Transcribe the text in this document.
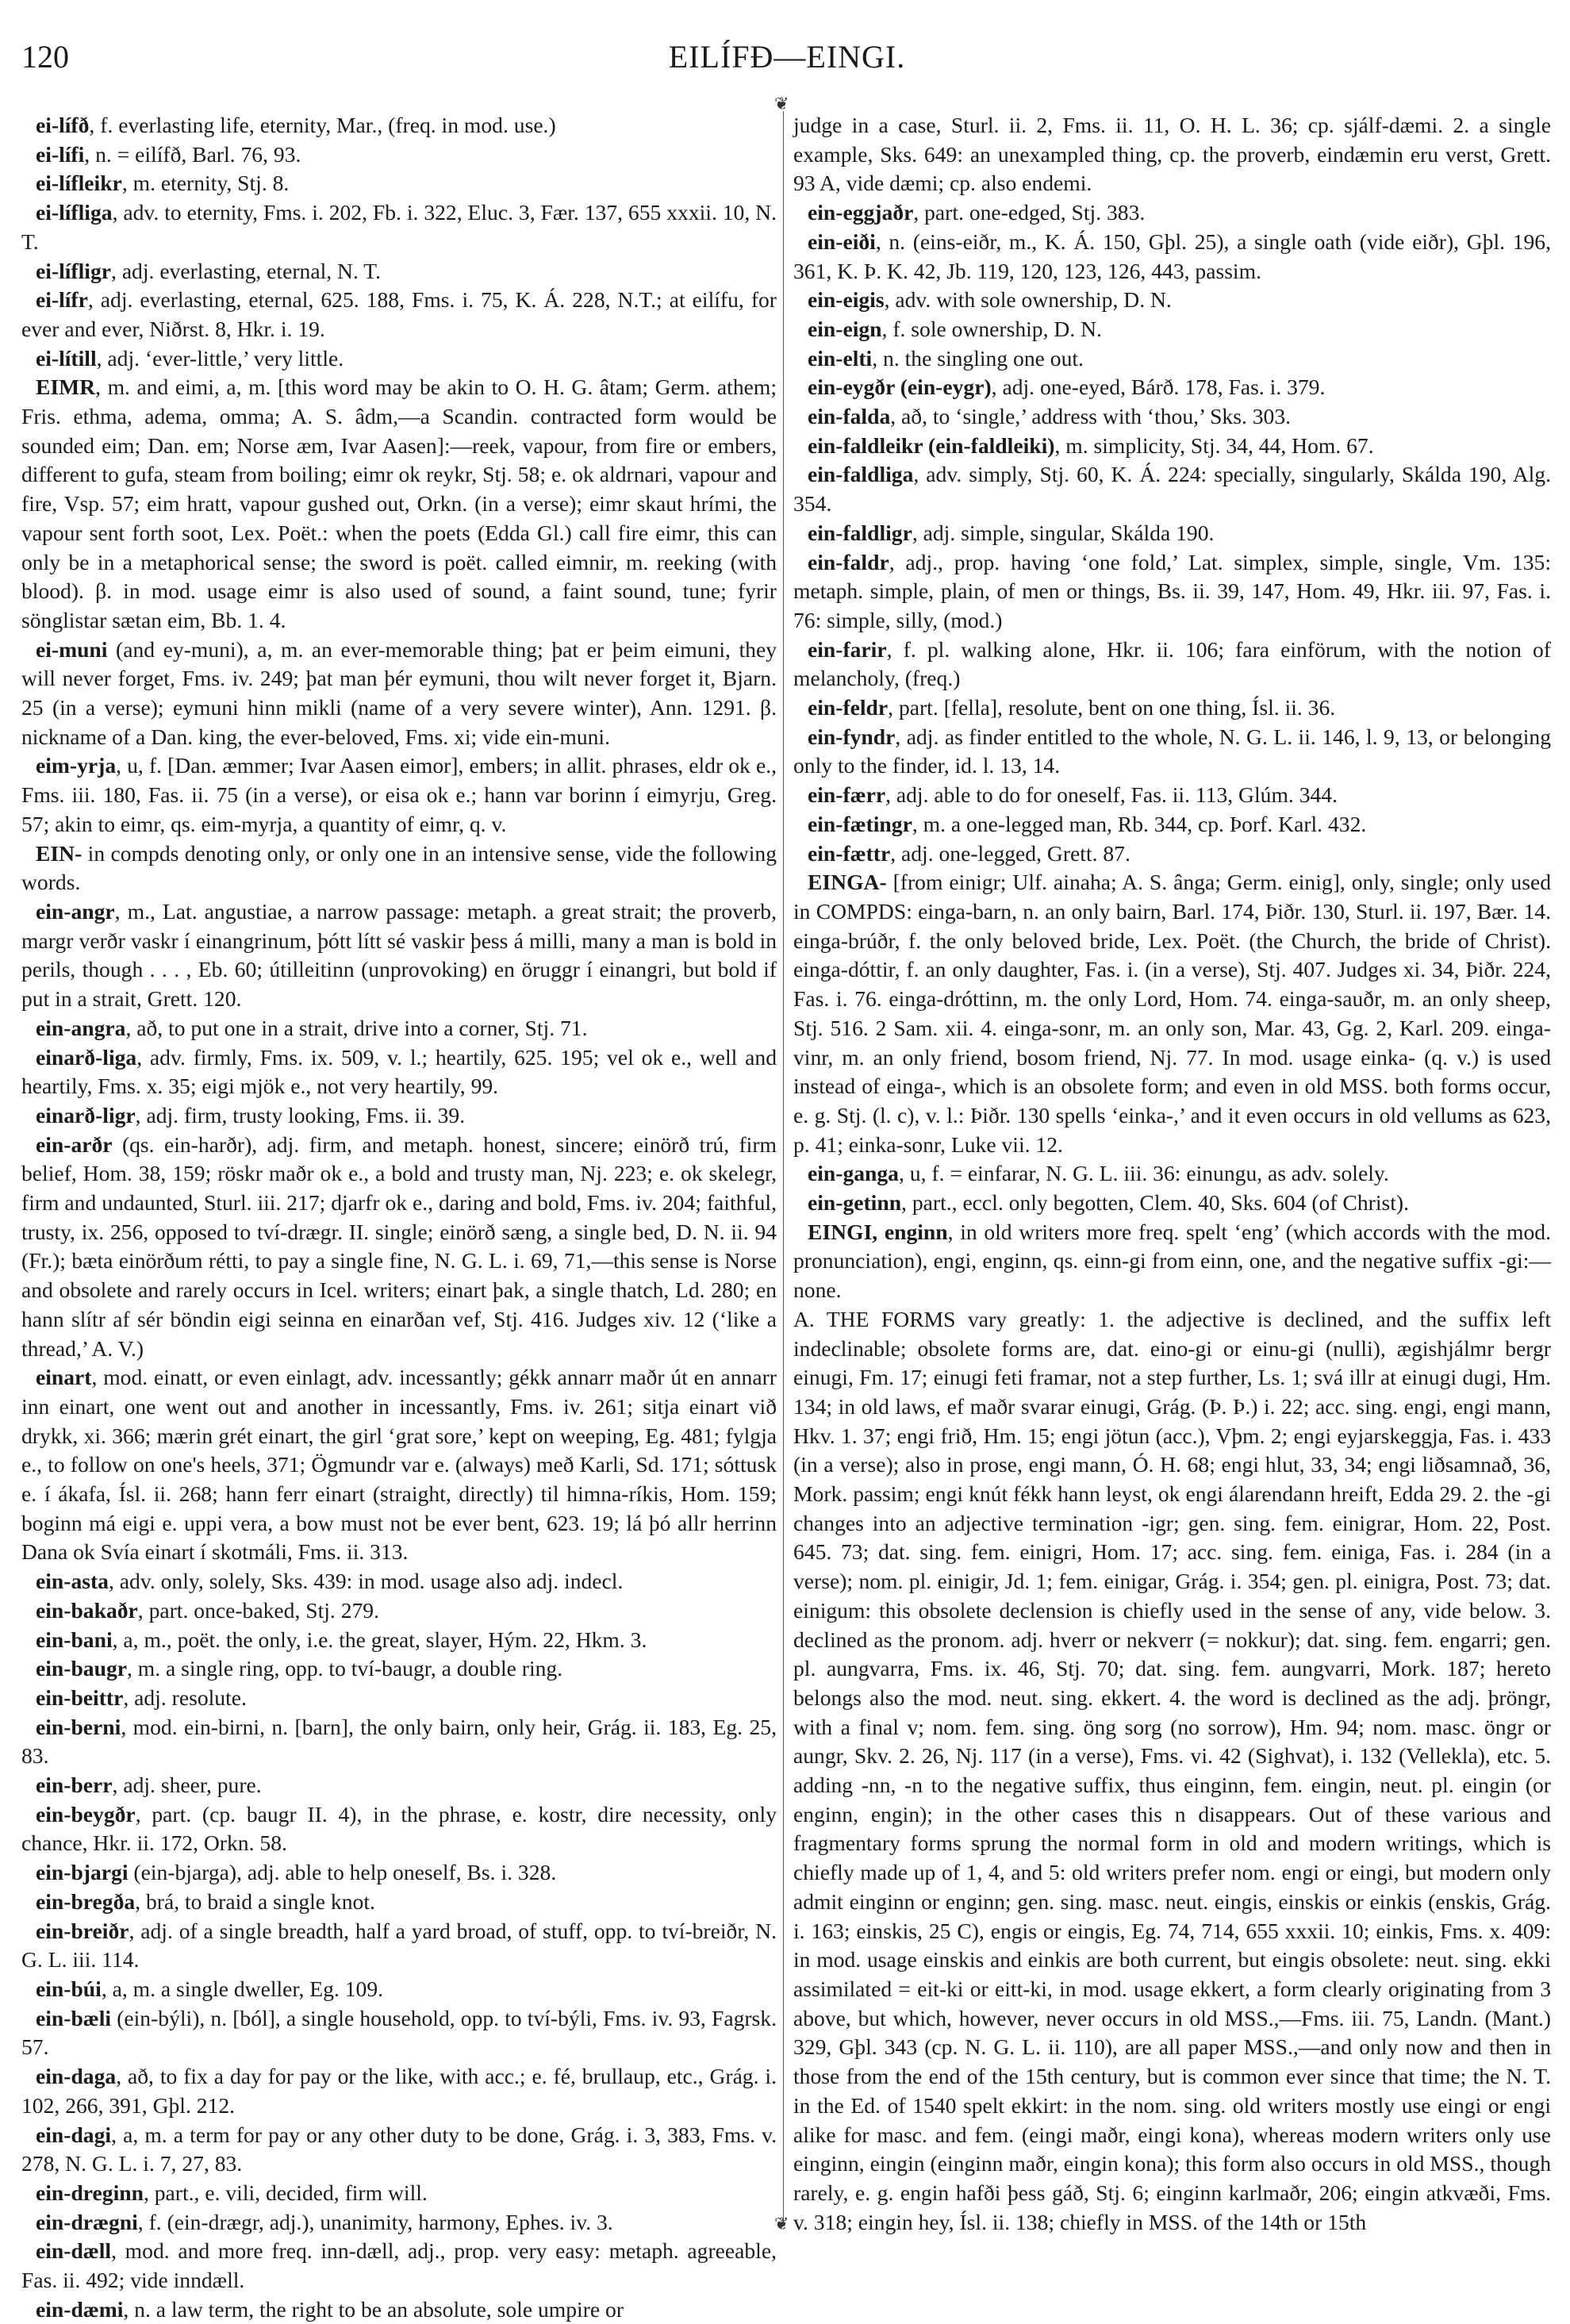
120	EILÍFÐ—EINGI.

ei-lífð, f. everlasting life, eternity, Mar., (freq. in mod. use.)

ei-lífi, n. = eilífð, Barl. 76, 93.

ei-lífleikr, m. eternity, Stj. 8.

ei-lífliga, adv. to eternity, Fms. i. 202, Fb. i. 322, Eluc. 3, Fær. 137, 655 xxxii. 10, N. T.

ei-lífligr, adj. everlasting, eternal, N. T.

ei-lífr, adj. everlasting, eternal, 625. 188, Fms. i. 75, K. Á. 228, N.T.; at eilífu, for ever and ever, Niðrst. 8, Hkr. i. 19.

ei-lítill, adj. ‘ever-little,’ very little.

EIMR, m. and eimi, a, m. [this word may be akin to O. H. G. âtam; Germ. athem; Fris. ethma, adema, omma; A. S. âdm,—a Scandin. contracted form would be sounded eim; Dan. em; Norse æm, Ivar Aasen]:—reek, vapour, from fire or embers, different to gufa, steam from boiling; eimr ok reykr, Stj. 58; e. ok aldrnari, vapour and fire, Vsp. 57; eim hratt, vapour gushed out, Orkn. (in a verse); eimr skaut hrími, the vapour sent forth soot, Lex. Poët.: when the poets (Edda Gl.) call fire eimr, this can only be in a metaphorical sense; the sword is poët. called eimnir, m. reeking (with blood). β. in mod. usage eimr is also used of sound, a faint sound, tune; fyrir sönglistar sætan eim, Bb. 1. 4.

ei-muni (and ey-muni), a, m. an ever-memorable thing; þat er þeim eimuni, they will never forget, Fms. iv. 249; þat man þér eymuni, thou wilt never forget it, Bjarn. 25 (in a verse); eymuni hinn mikli (name of a very severe winter), Ann. 1291. β. nickname of a Dan. king, the ever-beloved, Fms. xi; vide ein-muni.

eim-yrja, u, f. [Dan. æmmer; Ivar Aasen eimor], embers; in allit. phrases, eldr ok e., Fms. iii. 180, Fas. ii. 75 (in a verse), or eisa ok e.; hann var borinn í eimyrju, Greg. 57; akin to eimr, qs. eim-myrja, a quantity of eimr, q. v.

EIN- in compds denoting only, or only one in an intensive sense, vide the following words.

ein-angr, m., Lat. angustiae, a narrow passage: metaph. a great strait; the proverb, margr verðr vaskr í einangrinum, þótt lítt sé vaskir þess á milli, many a man is bold in perils, though . . . , Eb. 60; útilleitinn (unprovoking) en öruggr í einangri, but bold if put in a strait, Grett. 120.

ein-angra, að, to put one in a strait, drive into a corner, Stj. 71.

einarð-liga, adv. firmly, Fms. ix. 509, v. l.; heartily, 625. 195; vel ok e., well and heartily, Fms. x. 35; eigi mjök e., not very heartily, 99.

einarð-ligr, adj. firm, trusty looking, Fms. ii. 39.

ein-arðr (qs. ein-harðr), adj. firm, and metaph. honest, sincere; einörð trú, firm belief, Hom. 38, 159; röskr maðr ok e., a bold and trusty man, Nj. 223; e. ok skelegr, firm and undaunted, Sturl. iii. 217; djarfr ok e., daring and bold, Fms. iv. 204; faithful, trusty, ix. 256, opposed to tví-drægr. II. single; einörð sæng, a single bed, D. N. ii. 94 (Fr.); bæta einörðum rétti, to pay a single fine, N. G. L. i. 69, 71,—this sense is Norse and obsolete and rarely occurs in Icel. writers; einart þak, a single thatch, Ld. 280; en hann slítr af sér böndin eigi seinna en einarðan vef, Stj. 416. Judges xiv. 12 (‘like a thread,’ A. V.)

einart, mod. einatt, or even einlagt, adv. incessantly; gékk annarr maðr út en annarr inn einart, one went out and another in incessantly, Fms. iv. 261; sitja einart við drykk, xi. 366; mærin grét einart, the girl ‘grat sore,’ kept on weeping, Eg. 481; fylgja e., to follow on one's heels, 371; Ögmundr var e. (always) með Karli, Sd. 171; sóttusk e. í ákafa, Ísl. ii. 268; hann ferr einart (straight, directly) til himna-ríkis, Hom. 159; boginn má eigi e. uppi vera, a bow must not be ever bent, 623. 19; lá þó allr herrinn Dana ok Svía einart í skotmáli, Fms. ii. 313.

ein-asta, adv. only, solely, Sks. 439: in mod. usage also adj. indecl.

ein-bakaðr, part. once-baked, Stj. 279.

ein-bani, a, m., poët. the only, i.e. the great, slayer, Hým. 22, Hkm. 3.

ein-baugr, m. a single ring, opp. to tví-baugr, a double ring.

ein-beittr, adj. resolute.

ein-berni, mod. ein-birni, n. [barn], the only bairn, only heir, Grág. ii. 183, Eg. 25, 83.

ein-berr, adj. sheer, pure.

ein-beygðr, part. (cp. baugr II. 4), in the phrase, e. kostr, dire necessity, only chance, Hkr. ii. 172, Orkn. 58.

ein-bjargi (ein-bjarga), adj. able to help oneself, Bs. i. 328.

ein-bregða, brá, to braid a single knot.

ein-breiðr, adj. of a single breadth, half a yard broad, of stuff, opp. to tví-breiðr, N. G. L. iii. 114.

ein-búi, a, m. a single dweller, Eg. 109.

ein-bæli (ein-býli), n. [ból], a single household, opp. to tví-býli, Fms. iv. 93, Fagrsk. 57.

ein-daga, að, to fix a day for pay or the like, with acc.; e. fé, brullaup, etc., Grág. i. 102, 266, 391, Gþl. 212.

ein-dagi, a, m. a term for pay or any other duty to be done, Grág. i. 3, 383, Fms. v. 278, N. G. L. i. 7, 27, 83.

ein-dreginn, part., e. vili, decided, firm will.

ein-drægni, f. (ein-drægr, adj.), unanimity, harmony, Ephes. iv. 3.

ein-dæll, mod. and more freq. inn-dæll, adj., prop. very easy: metaph. agreeable, Fas. ii. 492; vide inndæll.

ein-dæmi, n. a law term, the right to be an absolute, sole umpire or

❦
❦

judge in a case, Sturl. ii. 2, Fms. ii. 11, O. H. L. 36; cp. sjálf-dæmi. 2. a single example, Sks. 649: an unexampled thing, cp. the proverb, eindæmin eru verst, Grett. 93 A, vide dæmi; cp. also endemi.

ein-eggjaðr, part. one-edged, Stj. 383.

ein-eiði, n. (eins-eiðr, m., K. Á. 150, Gþl. 25), a single oath (vide eiðr), Gþl. 196, 361, K. Þ. K. 42, Jb. 119, 120, 123, 126, 443, passim.

ein-eigis, adv. with sole ownership, D. N.

ein-eign, f. sole ownership, D. N.

ein-elti, n. the singling one out.

ein-eygðr (ein-eygr), adj. one-eyed, Bárð. 178, Fas. i. 379.

ein-falda, að, to ‘single,’ address with ‘thou,’ Sks. 303.

ein-faldleikr (ein-faldleiki), m. simplicity, Stj. 34, 44, Hom. 67.

ein-faldliga, adv. simply, Stj. 60, K. Á. 224: specially, singularly, Skálda 190, Alg. 354.

ein-faldligr, adj. simple, singular, Skálda 190.

ein-faldr, adj., prop. having ‘one fold,’ Lat. simplex, simple, single, Vm. 135: metaph. simple, plain, of men or things, Bs. ii. 39, 147, Hom. 49, Hkr. iii. 97, Fas. i. 76: simple, silly, (mod.)

ein-farir, f. pl. walking alone, Hkr. ii. 106; fara einförum, with the notion of melancholy, (freq.)

ein-feldr, part. [fella], resolute, bent on one thing, Ísl. ii. 36.

ein-fyndr, adj. as finder entitled to the whole, N. G. L. ii. 146, l. 9, 13, or belonging only to the finder, id. l. 13, 14.

ein-færr, adj. able to do for oneself, Fas. ii. 113, Glúm. 344.

ein-fætingr, m. a one-legged man, Rb. 344, cp. Þorf. Karl. 432.

ein-fættr, adj. one-legged, Grett. 87.

EINGA- [from einigr; Ulf. ainaha; A. S. ânga; Germ. einig], only, single; only used in COMPDS: einga-barn, n. an only bairn, Barl. 174, Þiðr. 130, Sturl. ii. 197, Bær. 14. einga-brúðr, f. the only beloved bride, Lex. Poët. (the Church, the bride of Christ). einga-dóttir, f. an only daughter, Fas. i. (in a verse), Stj. 407. Judges xi. 34, Þiðr. 224, Fas. i. 76. einga-dróttinn, m. the only Lord, Hom. 74. einga-sauðr, m. an only sheep, Stj. 516. 2 Sam. xii. 4. einga-sonr, m. an only son, Mar. 43, Gg. 2, Karl. 209. einga-vinr, m. an only friend, bosom friend, Nj. 77. In mod. usage einka- (q. v.) is used instead of einga-, which is an obsolete form; and even in old MSS. both forms occur, e. g. Stj. (l. c), v. l.: Þiðr. 130 spells ‘einka-,’ and it even occurs in old vellums as 623, p. 41; einka-sonr, Luke vii. 12.

ein-ganga, u, f. = einfarar, N. G. L. iii. 36: einungu, as adv. solely.

ein-getinn, part., eccl. only begotten, Clem. 40, Sks. 604 (of Christ).

EINGI, enginn, in old writers more freq. spelt ‘eng’ (which accords with the mod. pronunciation), engi, enginn, qs. einn-gi from einn, one, and the negative suffix -gi:—none.

A. THE FORMS vary greatly: 1. the adjective is declined, and the suffix left indeclinable; obsolete forms are, dat. eino-gi or einu-gi (nulli), ægishjálmr bergr einugi, Fm. 17; einugi feti framar, not a step further, Ls. 1; svá illr at einugi dugi, Hm. 134; in old laws, ef maðr svarar einugi, Grág. (Þ. Þ.) i. 22; acc. sing. engi, engi mann, Hkv. 1. 37; engi frið, Hm. 15; engi jötun (acc.), Vþm. 2; engi eyjarskeggja, Fas. i. 433 (in a verse); also in prose, engi mann, Ó. H. 68; engi hlut, 33, 34; engi liðsamnað, 36, Mork. passim; engi knút fékk hann leyst, ok engi álarendann hreift, Edda 29. 2. the -gi changes into an adjective termination -igr; gen. sing. fem. einigrar, Hom. 22, Post. 645. 73; dat. sing. fem. einigri, Hom. 17; acc. sing. fem. einiga, Fas. i. 284 (in a verse); nom. pl. einigir, Jd. 1; fem. einigar, Grág. i. 354; gen. pl. einigra, Post. 73; dat. einigum: this obsolete declension is chiefly used in the sense of any, vide below. 3. declined as the pronom. adj. hverr or nekverr (= nokkur); dat. sing. fem. engarri; gen. pl. aungvarra, Fms. ix. 46, Stj. 70; dat. sing. fem. aungvarri, Mork. 187; hereto belongs also the mod. neut. sing. ekkert. 4. the word is declined as the adj. þröngr, with a final v; nom. fem. sing. öng sorg (no sorrow), Hm. 94; nom. masc. öngr or aungr, Skv. 2. 26, Nj. 117 (in a verse), Fms. vi. 42 (Sighvat), i. 132 (Vellekla), etc. 5. adding -nn, -n to the negative suffix, thus einginn, fem. eingin, neut. pl. eingin (or enginn, engin); in the other cases this n disappears. Out of these various and fragmentary forms sprung the normal form in old and modern writings, which is chiefly made up of 1, 4, and 5: old writers prefer nom. engi or eingi, but modern only admit einginn or enginn; gen. sing. masc. neut. eingis, einskis or einkis (enskis, Grág. i. 163; einskis, 25 C), engis or eingis, Eg. 74, 714, 655 xxxii. 10; einkis, Fms. x. 409: in mod. usage einskis and einkis are both current, but eingis obsolete: neut. sing. ekki assimilated = eit-ki or eitt-ki, in mod. usage ekkert, a form clearly originating from 3 above, but which, however, never occurs in old MSS.,—Fms. iii. 75, Landn. (Mant.) 329, Gþl. 343 (cp. N. G. L. ii. 110), are all paper MSS.,—and only now and then in those from the end of the 15th century, but is common ever since that time; the N. T. in the Ed. of 1540 spelt ekkirt: in the nom. sing. old writers mostly use eingi or engi alike for masc. and fem. (eingi maðr, eingi kona), whereas modern writers only use einginn, eingin (einginn maðr, eingin kona); this form also occurs in old MSS., though rarely, e. g. engin hafði þess gáð, Stj. 6; einginn karlmaðr, 206; eingin atkvæði, Fms. v. 318; eingin hey, Ísl. ii. 138; chiefly in MSS. of the 14th or 15th
